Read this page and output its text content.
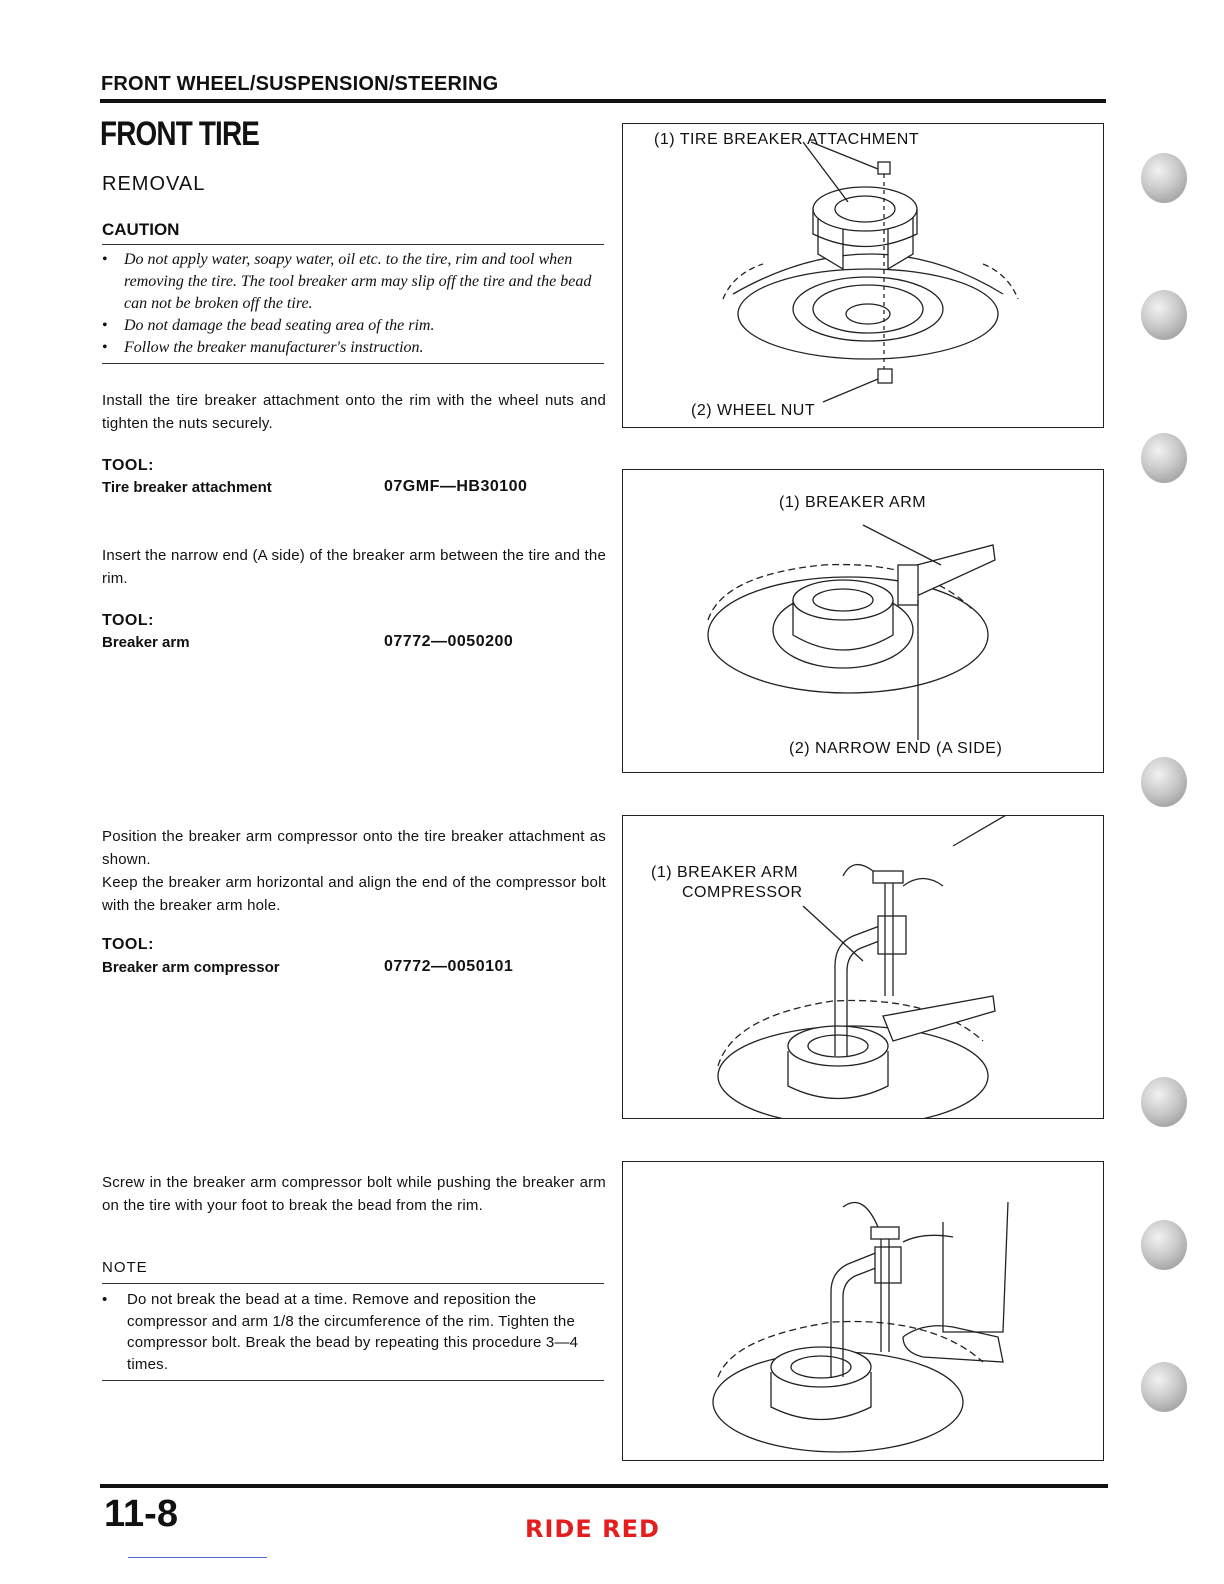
FRONT WHEEL/SUSPENSION/STEERING
FRONT TIRE
REMOVAL
CAUTION
• Do not apply water, soapy water, oil etc. to the tire, rim and tool when removing the tire. The tool breaker arm may slip off the tire and the bead can not be broken off the tire.
• Do not damage the bead seating area of the rim.
• Follow the breaker manufacturer's instruction.
Install the tire breaker attachment onto the rim with the wheel nuts and tighten the nuts securely.
TOOL:
Tire breaker attachment	07GMF—HB30100
Insert the narrow end (A side) of the breaker arm between the tire and the rim.
TOOL:
Breaker arm	07772—0050200
Position the breaker arm compressor onto the tire breaker attachment as shown.
Keep the breaker arm horizontal and align the end of the compressor bolt with the breaker arm hole.
TOOL:
Breaker arm compressor	07772—0050101
Screw in the breaker arm compressor bolt while pushing the breaker arm on the tire with your foot to break the bead from the rim.
NOTE
• Do not break the bead at a time. Remove and reposition the compressor and arm 1/8 the circumference of the rim. Tighten the compressor bolt. Break the bead by repeating this procedure 3—4 times.
(1) TIRE BREAKER ATTACHMENT
(2) WHEEL NUT
(1) BREAKER ARM
(2) NARROW END (A SIDE)
(1) BREAKER ARM
COMPRESSOR
11-8	RIDE RED
